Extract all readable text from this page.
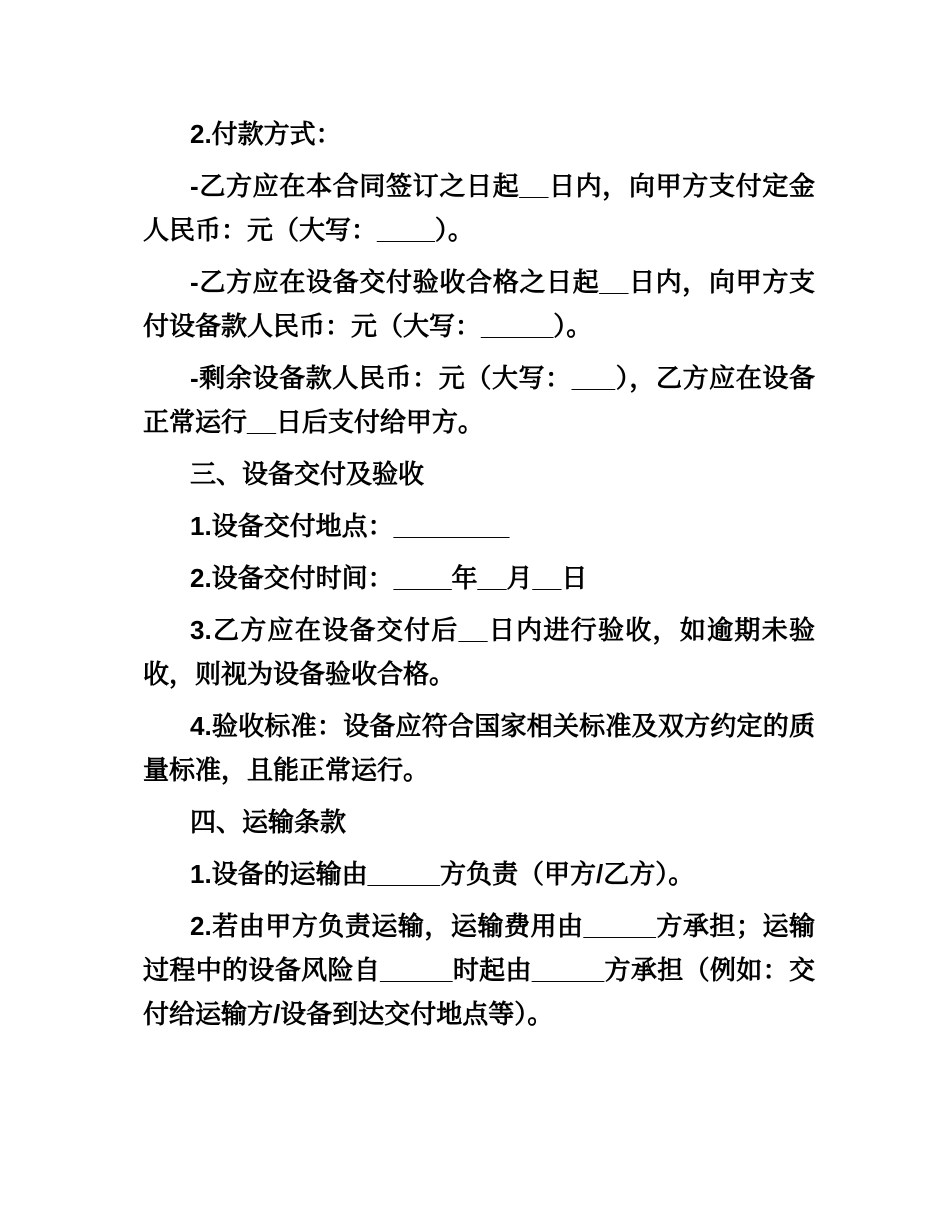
2.付款方式：

-乙方应在本合同签订之日起__日内，向甲方支付定金人民币：元（大写：____）。

-乙方应在设备交付验收合格之日起__日内，向甲方支付设备款人民币：元（大写：_____）。

-剩余设备款人民币：元（大写：___），乙方应在设备正常运行__日后支付给甲方。

三、设备交付及验收

1.设备交付地点：________

2.设备交付时间：____年__月__日

3.乙方应在设备交付后__日内进行验收，如逾期未验收，则视为设备验收合格。

4.验收标准：设备应符合国家相关标准及双方约定的质量标准，且能正常运行。

四、运输条款

1.设备的运输由_____方负责（甲方/乙方）。

2.若由甲方负责运输，运输费用由_____方承担；运输过程中的设备风险自_____时起由_____方承担（例如：交付给运输方/设备到达交付地点等）。
